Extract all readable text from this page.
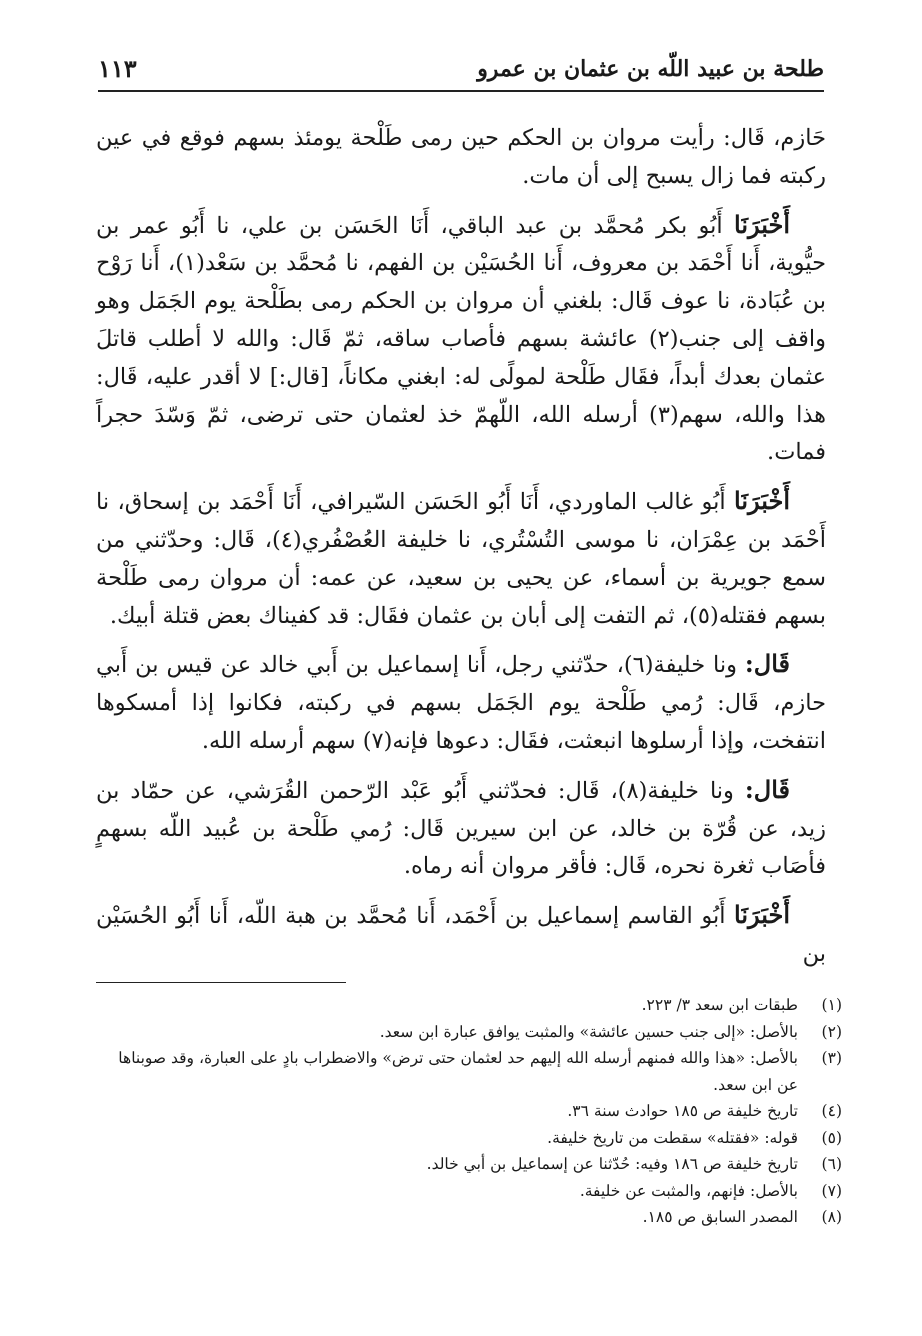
طلحة بن عبيد اللّه بن عثمان بن عمرو
١١٣

حَازم، قَال: رأيت مروان بن الحكم حين رمى طَلْحة يومئذ بسهم فوقع في عين ركبته فما زال يسبح إلى أن مات.

أَخْبَرَنَا أَبُو بكر مُحمَّد بن عبد الباقي، أَنَا الحَسَن بن علي، نا أَبُو عمر بن حيُّوية، أَنا أَحْمَد بن معروف، أَنا الحُسَيْن بن الفهم، نا مُحمَّد بن سَعْد(١)، أَنا رَوْح بن عُبَادة، نا عوف قَال: بلغني أن مروان بن الحكم رمى بطَلْحة يوم الجَمَل وهو واقف إلى جنب(٢) عائشة بسهم فأصاب ساقه، ثمّ قَال: والله لا أطلب قاتلَ عثمان بعدك أبداً، فقَال طَلْحة لمولًى له: ابغني مكاناً، [قال:] لا أقدر عليه، قَال: هذا والله، سهم(٣) أرسله الله، اللّهمّ خذ لعثمان حتى ترضى، ثمّ وَسّدَ حجراً فمات.

أَخْبَرَنَا أَبُو غالب الماوردي، أَنَا أَبُو الحَسَن السّيرافي، أَنَا أَحْمَد بن إسحاق، نا أَحْمَد بن عِمْرَان، نا موسى التُسْتُري، نا خليفة العُصْفُري(٤)، قَال: وحدّثني من سمع جويرية بن أسماء، عن يحيى بن سعيد، عن عمه: أن مروان رمى طَلْحة بسهم فقتله(٥)، ثم التفت إلى أبان بن عثمان فقَال: قد كفيناك بعض قتلة أبيك.

قَال: ونا خليفة(٦)، حدّثني رجل، أَنا إسماعيل بن أَبي خالد عن قيس بن أَبي حازم، قَال: رُمي طَلْحة يوم الجَمَل بسهم في ركبته، فكانوا إذا أمسكوها انتفخت، وإذا أرسلوها انبعثت، فقَال: دعوها فإنه(٧) سهم أرسله الله.

قَال: ونا خليفة(٨)، قَال: فحدّثني أَبُو عَبْد الرّحمن القُرَشي، عن حمّاد بن زيد، عن قُرّة بن خالد، عن ابن سيرين قَال: رُمي طَلْحة بن عُبيد اللّه بسهمٍ فأصَاب ثغرة نحره، قَال: فأقر مروان أنه رماه.

أَخْبَرَنَا أَبُو القاسم إسماعيل بن أَحْمَد، أَنا مُحمَّد بن هبة اللّه، أَنا أَبُو الحُسَيْن بن

(١)
طبقات ابن سعد ٣/ ٢٢٣.

(٢)
بالأصل: «إلى جنب حسين عائشة» والمثبت يوافق عبارة ابن سعد.

(٣)
بالأصل: «هذا والله فمنهم أرسله الله إليهم حد لعثمان حتى ترض» والاضطراب بادٍ على العبارة، وقد صوبناها عن ابن سعد.

(٤)
تاريخ خليفة ص ١٨٥ حوادث سنة ٣٦.

(٥)
قوله: «فقتله» سقطت من تاريخ خليفة.

(٦)
تاريخ خليفة ص ١٨٦ وفيه: حُدّثنا عن إسماعيل بن أبي خالد.

(٧)
بالأصل: فإنهم، والمثبت عن خليفة.

(٨)
المصدر السابق ص ١٨٥.
